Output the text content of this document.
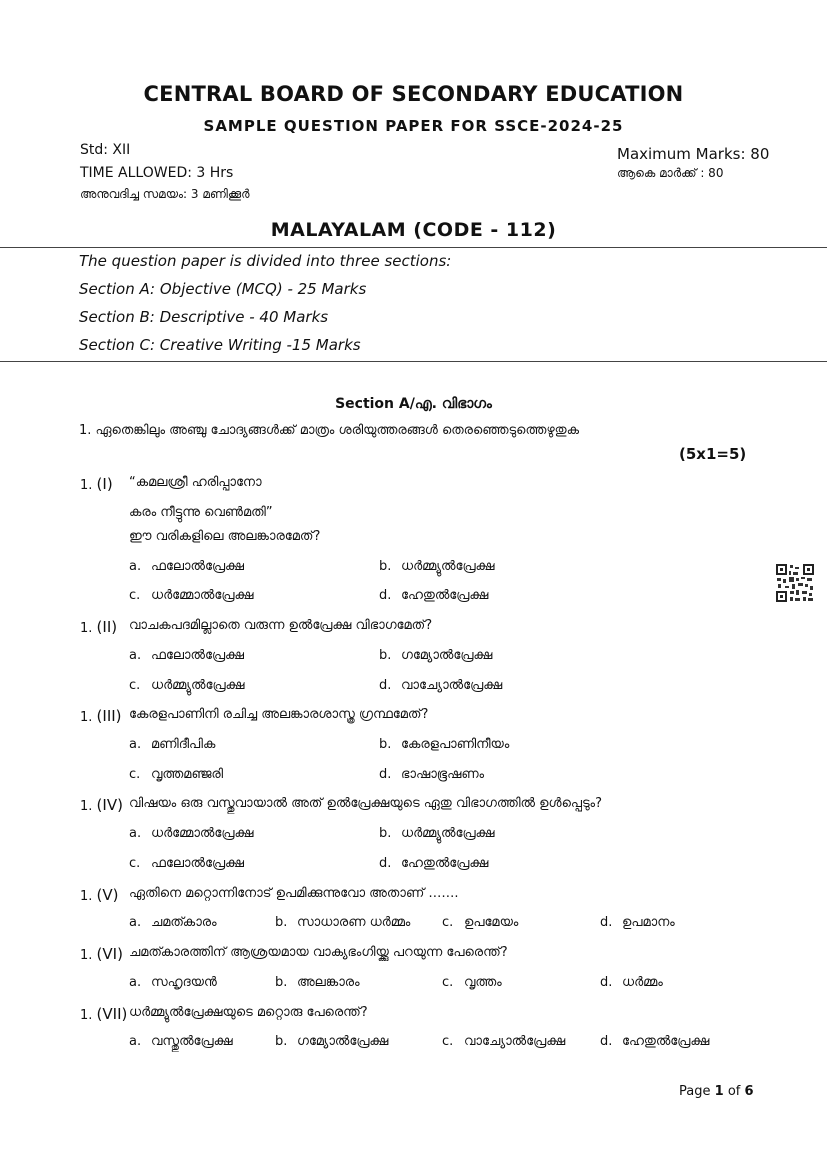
CENTRAL BOARD OF SECONDARY EDUCATION
SAMPLE QUESTION PAPER FOR SSCE-2024-25
Std: XII
TIME ALLOWED: 3 Hrs
അനുവദിച്ച സമയം: 3 മണിക്കൂർ
Maximum Marks: 80
ആകെ മാർക്ക് : 80
MALAYALAM (CODE - 112)
The question paper is divided into three sections:
Section A: Objective (MCQ) - 25 Marks
Section B: Descriptive - 40 Marks
Section C: Creative Writing -15 Marks
Section A/എ. വിഭാഗം
1. ഏതെങ്കിലും അഞ്ചു ചോദ്യങ്ങൾക്ക് മാത്രം ശരിയുത്തരങ്ങൾ തെരഞ്ഞെടുത്തെഴുതുക
(5x1=5)
1. (I) “കമലശ്രീ ഹരിപ്പാനോ
കരം നീട്ടുന്നു വെൺമതി”
ഈ വരികളിലെ അലങ്കാരമേത്?
a. ഫലോൽപ്രേക്ഷ	b. ധർമ്മ്യുൽപ്രേക്ഷ
c. ധർമ്മോൽപ്രേക്ഷ	d. ഹേതുൽപ്രേക്ഷ
1. (II) വാചകപദമില്ലാതെ വരുന്ന ഉൽപ്രേക്ഷ വിഭാഗമേത്?
a. ഫലോൽപ്രേക്ഷ	b. ഗമ്യോൽപ്രേക്ഷ
c. ധർമ്മ്യുൽപ്രേക്ഷ	d. വാച്യോൽപ്രേക്ഷ
1. (III) കേരളപാണിനി രചിച്ച അലങ്കാരശാസ്ത്ര ഗ്രന്ഥമേത്?
a. മണിദീപിക	b. കേരളപാണിനീയം
c. വൃത്തമഞ്ജരി	d. ഭാഷാഭൂഷണം
1. (IV) വിഷയം ഒരു വസ്തുവായാൽ അത് ഉൽപ്രേക്ഷയുടെ ഏതു വിഭാഗത്തിൽ ഉൾപ്പെടും?
a. ധർമ്മോൽപ്രേക്ഷ	b. ധർമ്മ്യുൽപ്രേക്ഷ
c. ഫലോൽപ്രേക്ഷ	d. ഹേതുൽപ്രേക്ഷ
1. (V) ഏതിനെ മറ്റൊന്നിനോട് ഉപമിക്കുന്നുവോ അതാണ് …….
a. ചമത്കാരം	b. സാധാരണ ധർമ്മം c. ഉപമേയം	d. ഉപമാനം
1. (VI) ചമത്കാരത്തിന് ആശ്രയമായ വാക്യഭംഗിയ്ക്കു പറയുന്ന പേരെന്ത്?
a. സഹൃദയൻ	b. അലങ്കാരം	c. വൃത്തം	d. ധർമ്മം
1. (VII) ധർമ്മ്യുൽപ്രേക്ഷയുടെ മറ്റൊരു പേരെന്ത്?
a. വസ്തുൽപ്രേക്ഷ	b. ഗമ്യോൽപ്രേക്ഷ	c. വാച്യോൽപ്രേക്ഷ	d. ഹേതുൽപ്രേക്ഷ
Page 1 of 6
